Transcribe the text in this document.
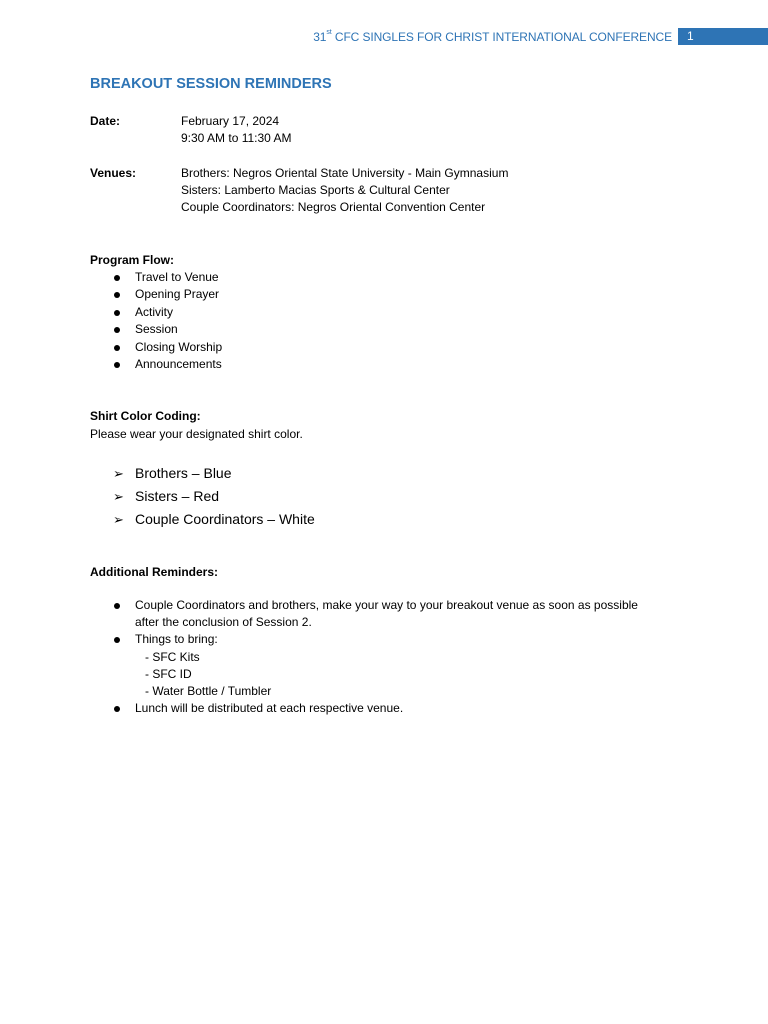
31st CFC SINGLES FOR CHRIST INTERNATIONAL CONFERENCE 1
BREAKOUT SESSION REMINDERS
Date:	February 17, 2024
9:30 AM to 11:30 AM
Venues:	Brothers: Negros Oriental State University - Main Gymnasium
Sisters: Lamberto Macias Sports & Cultural Center
Couple Coordinators: Negros Oriental Convention Center
Program Flow:
Travel to Venue
Opening Prayer
Activity
Session
Closing Worship
Announcements
Shirt Color Coding:
Please wear your designated shirt color.
➢ Brothers – Blue
➢ Sisters – Red
➢ Couple Coordinators – White
Additional Reminders:
Couple Coordinators and brothers, make your way to your breakout venue as soon as possible
after the conclusion of Session 2.
Things to bring:
- SFC Kits
- SFC ID
- Water Bottle / Tumbler
Lunch will be distributed at each respective venue.
